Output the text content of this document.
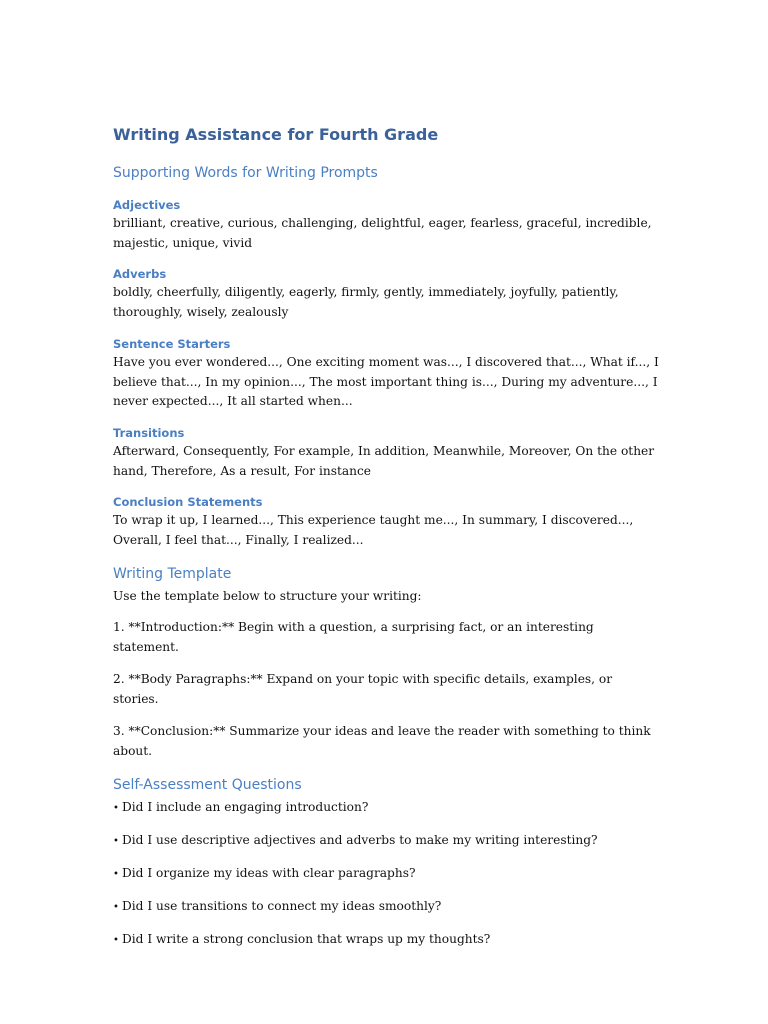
Writing Assistance for Fourth Grade
Supporting Words for Writing Prompts
Adjectives

brilliant, creative, curious, challenging, delightful, eager, fearless, graceful, incredible, majestic, unique, vivid

Adverbs

boldly, cheerfully, diligently, eagerly, firmly, gently, immediately, joyfully, patiently, thoroughly, wisely, zealously

Sentence Starters

Have you ever wondered..., One exciting moment was..., I discovered that..., What if..., I believe that..., In my opinion..., The most important thing is..., During my adventure..., I never expected..., It all started when...

Transitions

Afterward, Consequently, For example, In addition, Meanwhile, Moreover, On the other hand, Therefore, As a result, For instance

Conclusion Statements

To wrap it up, I learned..., This experience taught me..., In summary, I discovered..., Overall, I feel that..., Finally, I realized...

Writing Template

Use the template below to structure your writing:

1. **Introduction:** Begin with a question, a surprising fact, or an interesting statement.

2. **Body Paragraphs:** Expand on your topic with specific details, examples, or stories.

3. **Conclusion:** Summarize your ideas and leave the reader with something to think about.

Self-Assessment Questions

• Did I include an engaging introduction?

• Did I use descriptive adjectives and adverbs to make my writing interesting?

• Did I organize my ideas with clear paragraphs?

• Did I use transitions to connect my ideas smoothly?

• Did I write a strong conclusion that wraps up my thoughts?
